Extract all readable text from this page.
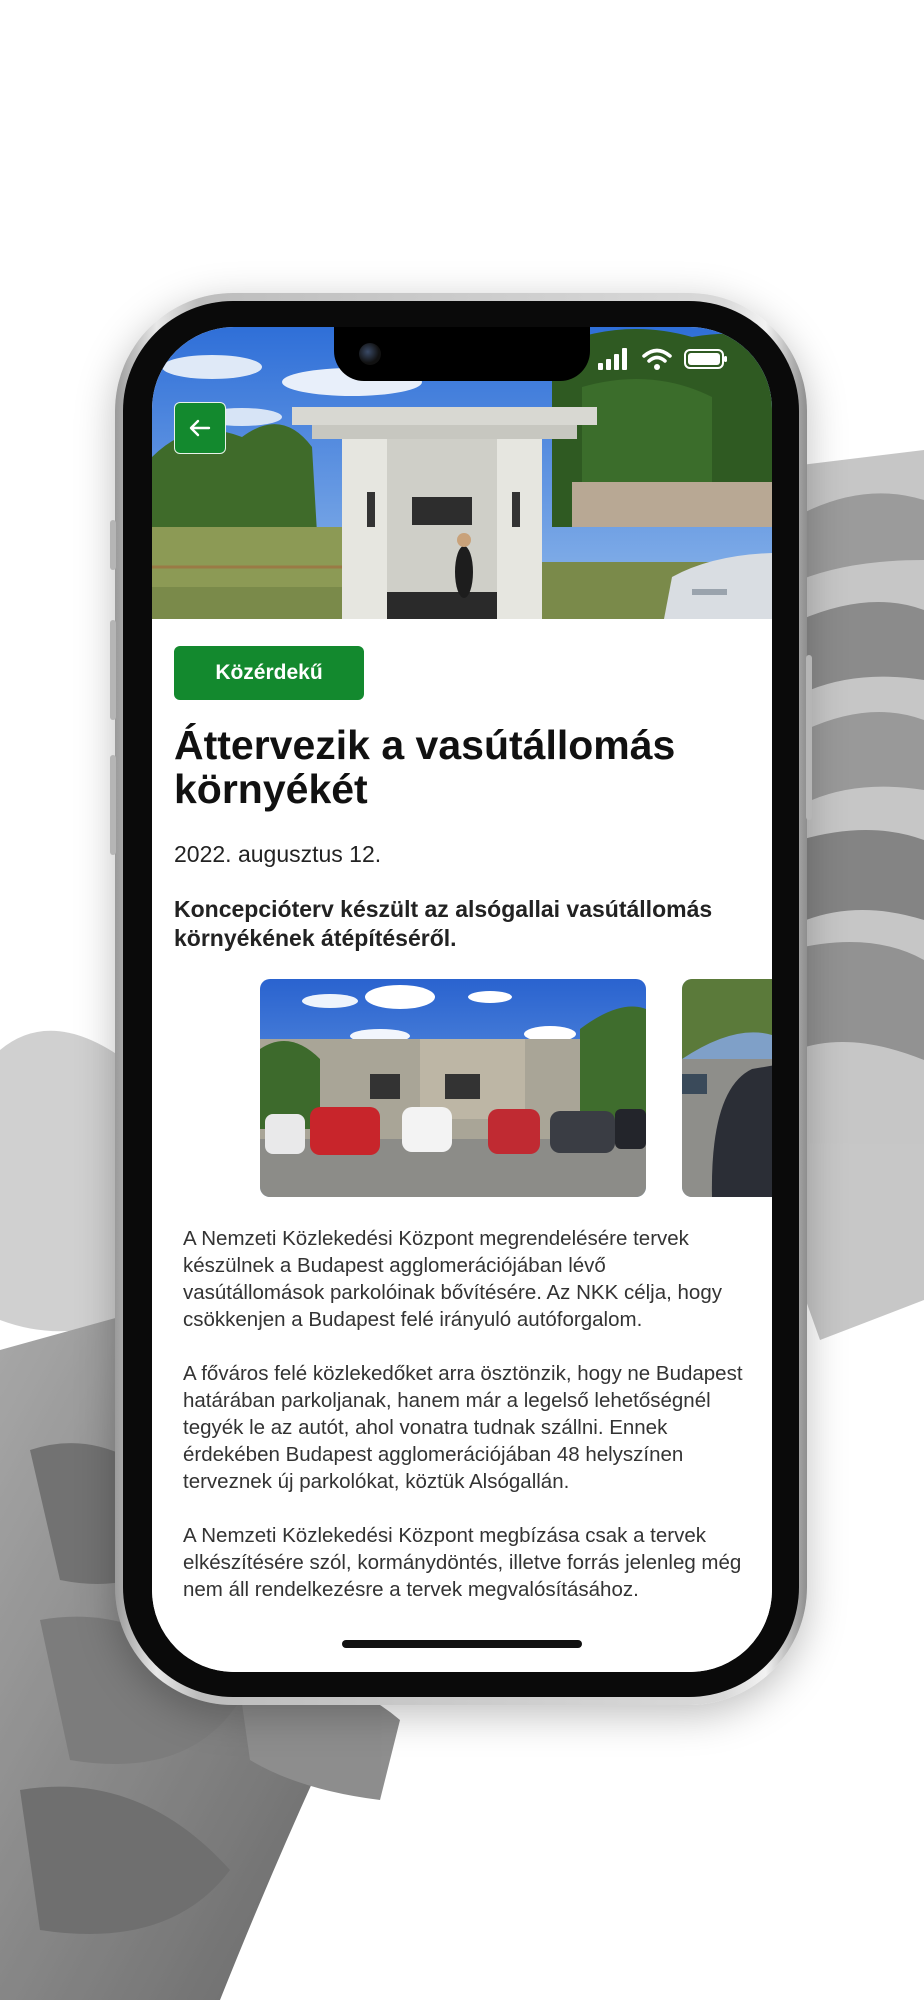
Közérdekű
Áttervezik a vasútállomás környékét

2022. augusztus 12.

Koncepcióterv készült az alsógallai vasútállomás környékének átépítéséről.

A Nemzeti Közlekedési Központ megrendelésére tervek készülnek a Budapest agglomerációjában lévő vasútállomások parkolóinak bővítésére. Az NKK célja, hogy csökkenjen a Budapest felé irányuló autóforgalom.

A főváros felé közlekedőket arra ösztönzik, hogy ne Budapest határában parkoljanak, hanem már a legelső lehetőségnél tegyék le az autót, ahol vonatra tudnak szállni. Ennek érdekében Budapest agglomerációjában 48 helyszínen terveznek új parkolókat, köztük Alsógallán.

A Nemzeti Közlekedési Központ megbízása csak a tervek elkészítésére szól, kormánydöntés, illetve forrás jelenleg még nem áll rendelkezésre a tervek megvalósításához.
